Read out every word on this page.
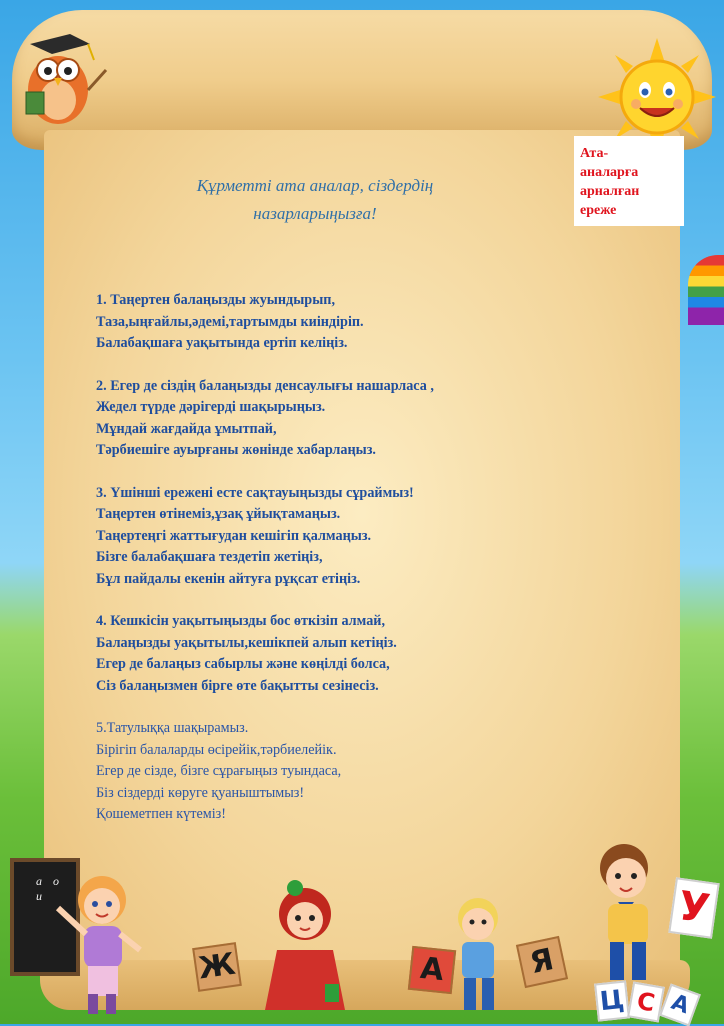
Ата-
аналарға
арналған
ереже
Құрметті ата аналар, сіздердің
назарларыңызға!
1. Таңертен балаңызды жуындырып,
Таза,ыңғайлы,әдемі,тартымды киіндіріп.
Балабақшаға уақытында ертіп келіңіз.
2. Егер де сіздің балаңызды денсаулығы нашарласа ,
Жедел түрде дәрігерді шақырыңыз.
Мұндай жағдайда ұмытпай,
Тәрбиешіге ауырғаны жөнінде хабарлаңыз.
3. Үшінші ережені есте сақтауыңызды сұраймыз!
Таңертен өтінеміз,ұзақ ұйықтамаңыз.
Таңертеңгі жаттығудан кешігіп қалмаңыз.
Бізге балабақшаға тездетіп жетіңіз,
Бұл пайдалы екенін айтуға рұқсат етіңіз.
4. Кешкісін уақытыңызды бос өткізіп алмай,
Балаңызды уақытылы,кешікпей алып кетіңіз.
Егер де балаңыз сабырлы және көңілді болса,
Сіз балаңызмен бірге өте бақытты сезінесіз.
5.Татулыққа шақырамыз.
Бірігіп балаларды өсірейік,тәрбиелейік.
Егер де сізде, бізге сұрағыңыз туындаса,
Біз сіздерді көруге қуаныштымыз!
Қошеметпен күтеміз!
а о и
Ж	А	Я
У
Ц С А
